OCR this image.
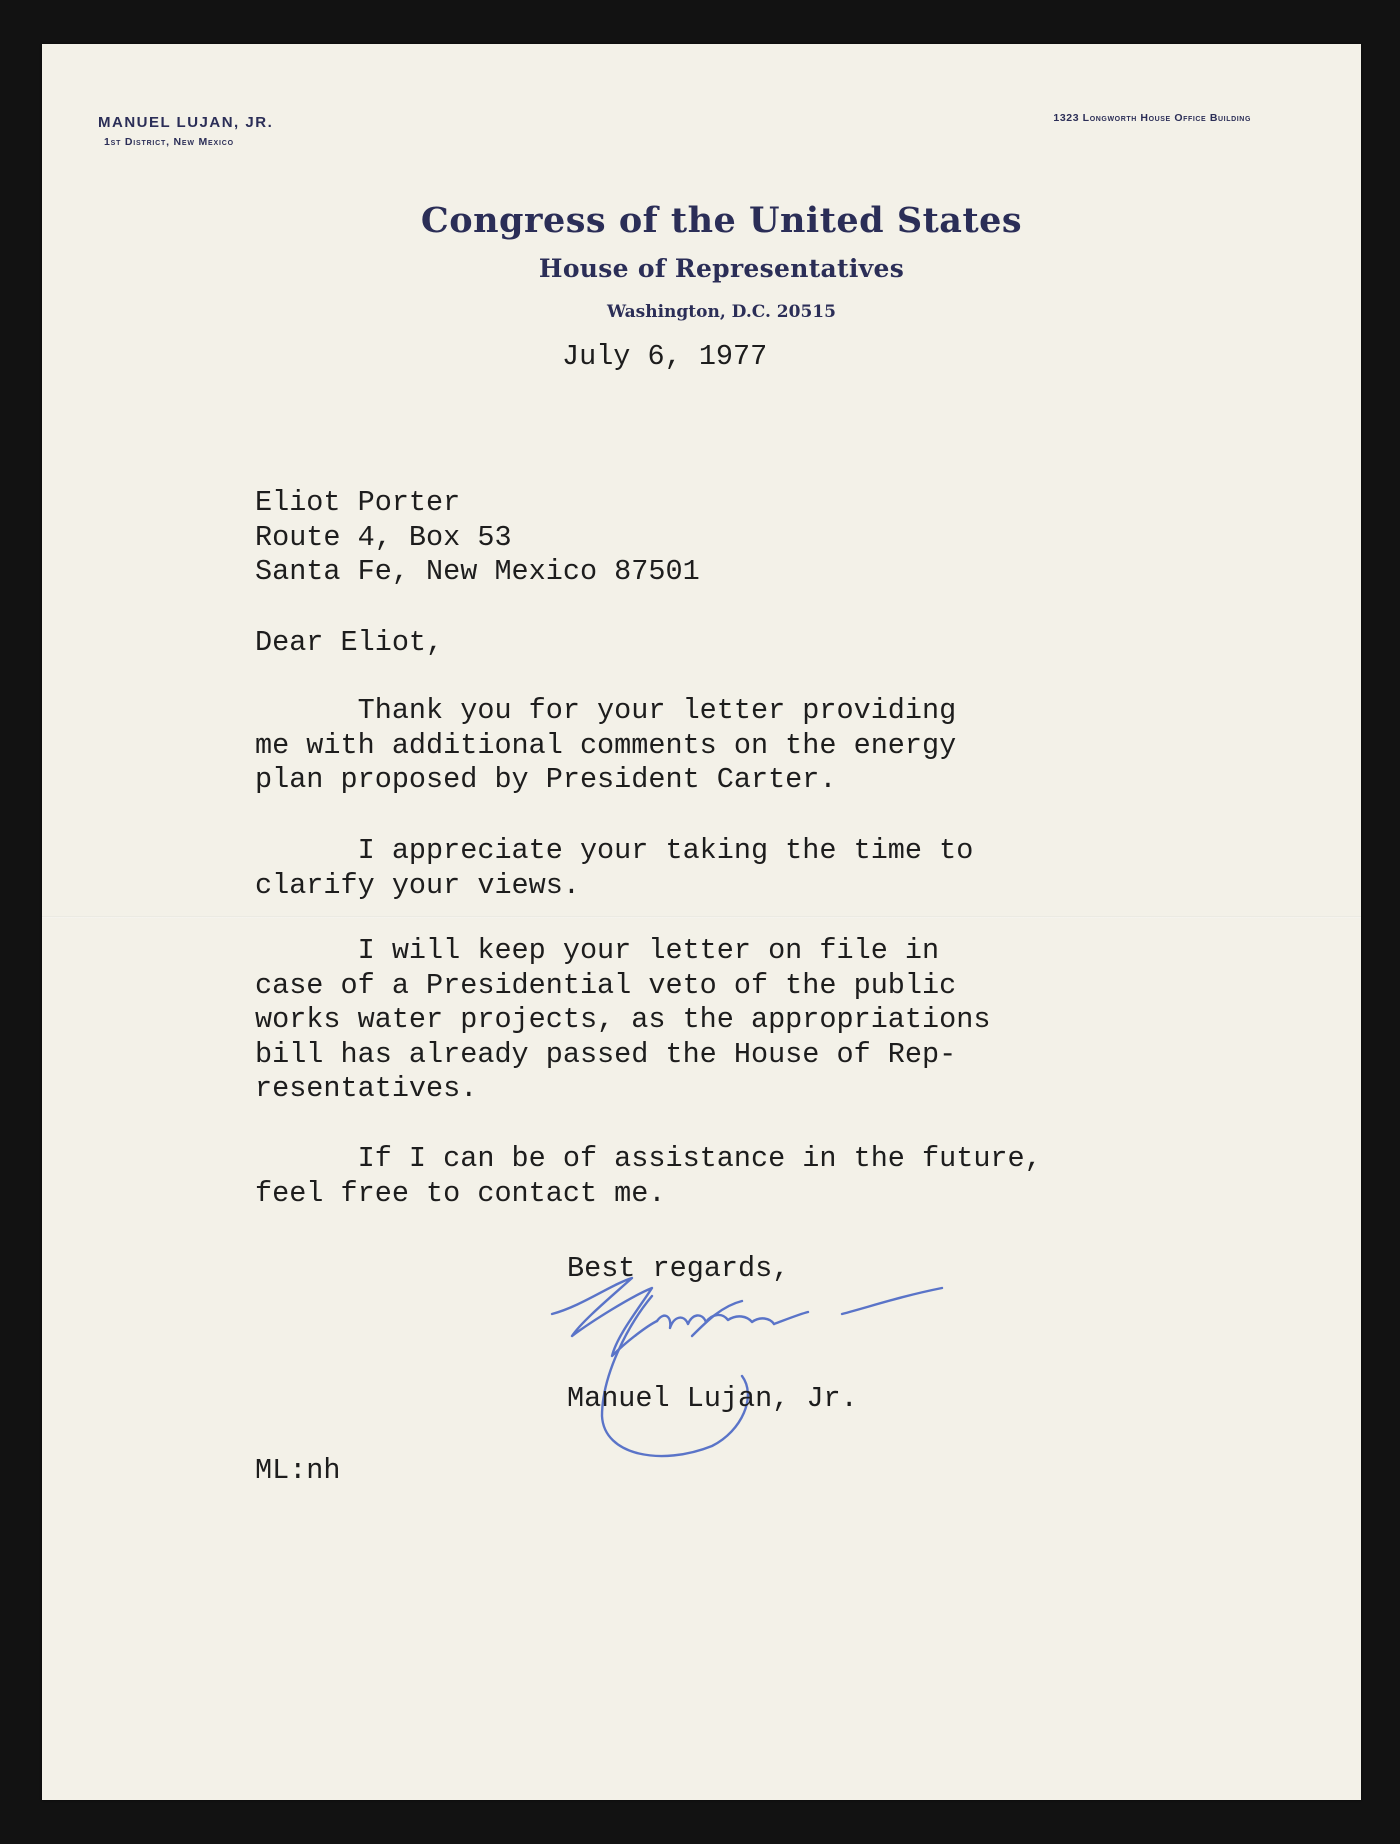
MANUEL LUJAN, JR.

1st District, New Mexico

1323 Longworth House Office Building
Congress of the United States
House of Representatives
Washington, D.C. 20515
July 6, 1977
Eliot Porter
Route 4, Box 53
Santa Fe, New Mexico 87501
Dear Eliot,
Thank you for your letter providing
me with additional comments on the energy
plan proposed by President Carter.
I appreciate your taking the time to
clarify your views.
I will keep your letter on file in
case of a Presidential veto of the public
works water projects, as the appropriations
bill has already passed the House of Rep-
resentatives.
If I can be of assistance in the future,
feel free to contact me.
Best regards,
Manuel Lujan, Jr.
ML:nh
